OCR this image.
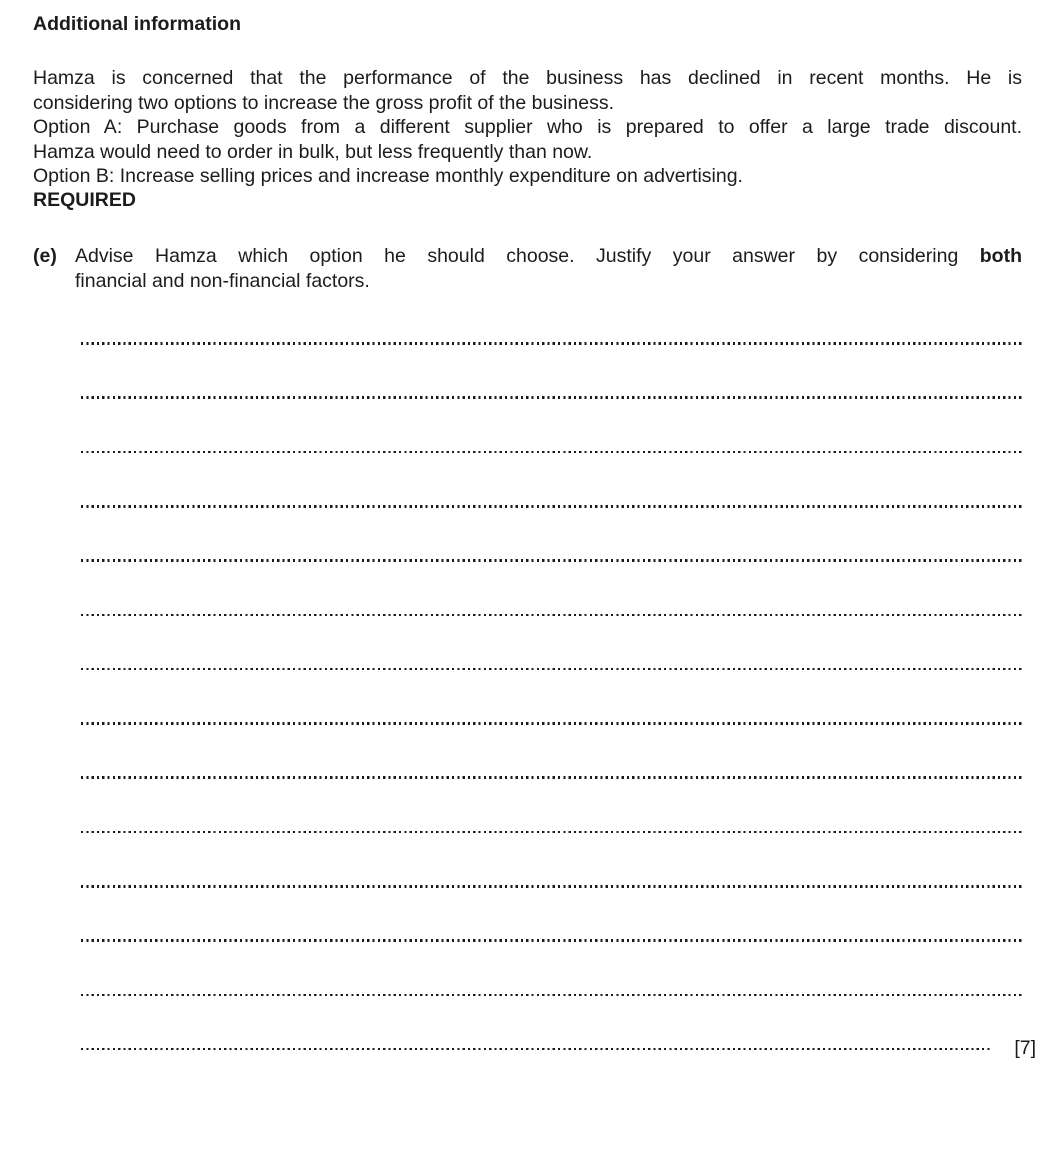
Additional information

Hamza is concerned that the performance of the business has declined in recent months. He is
considering two options to increase the gross profit of the business.

Option A: Purchase goods from a different supplier who is prepared to offer a large trade discount.
Hamza would need to order in bulk, but less frequently than now.

Option B: Increase selling prices and increase monthly expenditure on advertising.

REQUIRED
(e) Advise Hamza which option he should choose. Justify your answer by considering both
financial and non-financial factors.
[7]
